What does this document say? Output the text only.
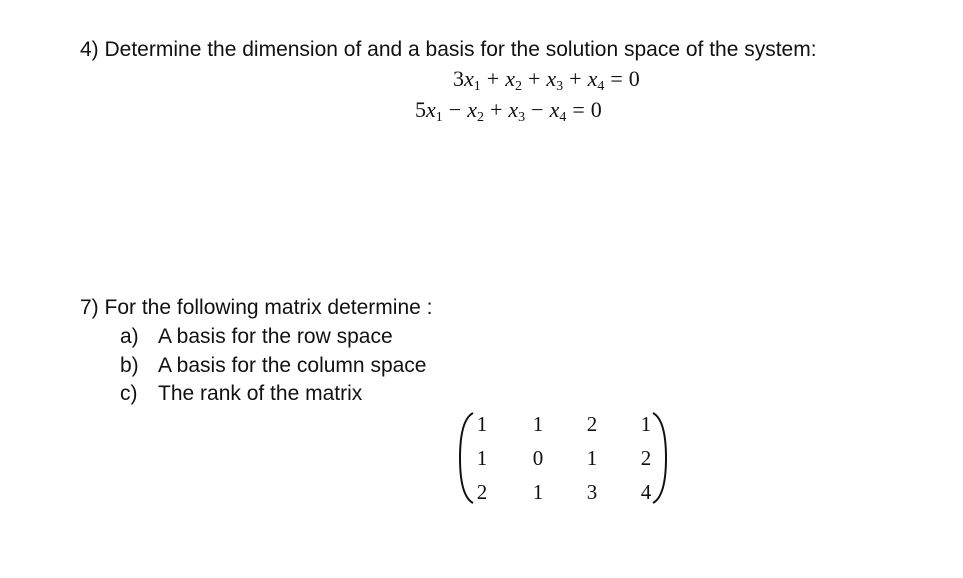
4) Determine the dimension of and a basis for the solution space of the system:
$3x_1 + x_2 + x_3 + x_4 = 0$
$5x_1 - x_2 + x_3 - x_4 = 0$
7) For the following matrix determine :
a) A basis for the row space
b) A basis for the column space
c) The rank of the matrix
1	1	2	1
1	0	1	2
2	1	3	4
